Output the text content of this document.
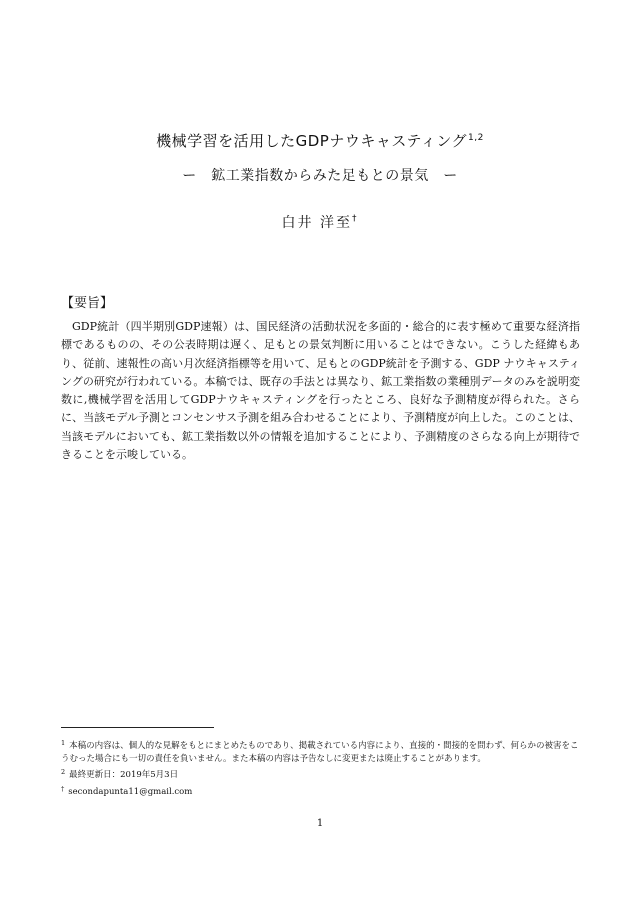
機械学習を活用したGDPナウキャスティング$^{1,2}$
ー　鉱工業指数からみた足もとの景気　ー
白井 洋至†
【要旨】
GDP統計（四半期別GDP速報）は、国民経済の活動状況を多面的・総合的に表す極めて重要な経済指標であるものの、その公表時期は遅く、足もとの景気判断に用いることはできない。こうした経緯もあり、従前、速報性の高い月次経済指標等を用いて、足もとのGDP統計を予測する、GDP ナウキャスティングの研究が行われている。本稿では、既存の手法とは異なり、鉱工業指数の業種別データのみを説明変数に,機械学習を活用してGDPナウキャスティングを行ったところ、良好な予測精度が得られた。さらに、当該モデル予測とコンセンサス予測を組み合わせることにより、予測精度が向上した。このことは、当該モデルにおいても、鉱工業指数以外の情報を追加することにより、予測精度のさらなる向上が期待できることを示唆している。

$^1$ 本稿の内容は、個人的な見解をもとにまとめたものであり、掲載されている内容により、直接的・間接的を問わず、何らかの被害をこうむった場合にも一切の責任を負いません。また本稿の内容は予告なしに変更または廃止することがあります。

$^2$ 最終更新日：2019年5月3日

† secondapunta11@gmail.com

1
